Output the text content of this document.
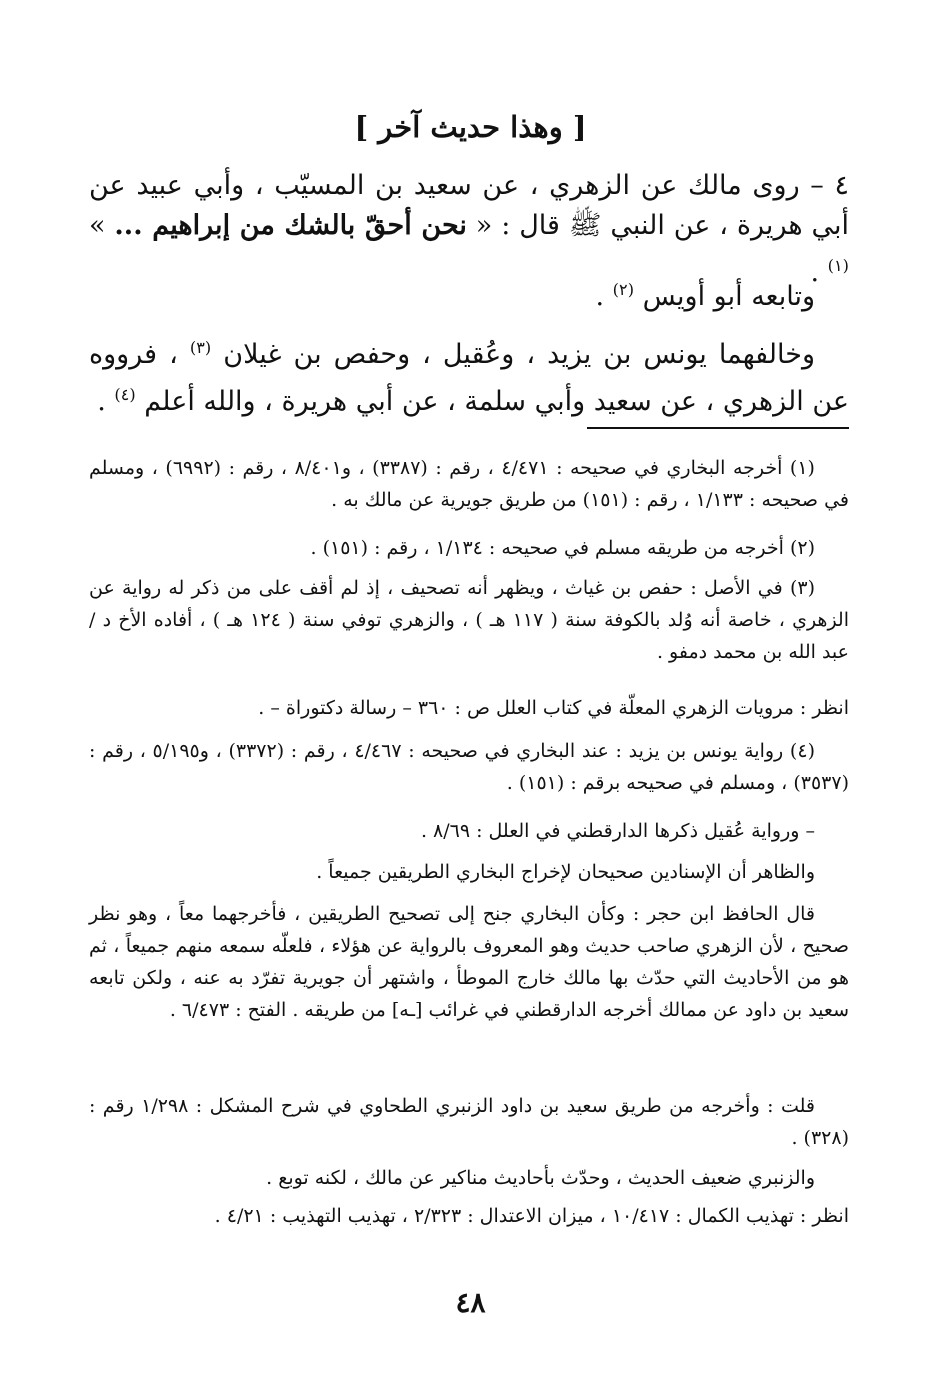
[ وهذا حديث آخر ]

٤ – روى مالك عن الزهري ، عن سعيد بن المسيّب ، وأبي عبيد عن أبي هريرة ، عن النبي ﷺ قال : « نحن أحقّ بالشك من إبراهيم ... » $^{(١)}$ .

وتابعه أبو أويس $^{(٢)}$ .

وخالفهما يونس بن يزيد ، وعُقيل ، وحفص بن غيلان $^{(٣)}$ ، فرووه عن الزهري ، عن سعيد وأبي سلمة ، عن أبي هريرة ، والله أعلم $^{(٤)}$ .

(١) أخرجه البخاري في صحيحه : ٤/٤٧١ ، رقم : (٣٣٨٧) ، و٨/٤٠١ ، رقم : (٦٩٩٢) ، ومسلم في صحيحه : ١/١٣٣ ، رقم : (١٥١) من طريق جويرية عن مالك به .

(٢) أخرجه من طريقه مسلم في صحيحه : ١/١٣٤ ، رقم : (١٥١) .

(٣) في الأصل : حفص بن غياث ، ويظهر أنه تصحيف ، إذ لم أقف على من ذكر له رواية عن الزهري ، خاصة أنه وُلد بالكوفة سنة ( ١١٧ هـ ) ، والزهري توفي سنة ( ١٢٤ هـ ) ، أفاده الأخ د / عبد الله بن محمد دمفو .

انظر : مرويات الزهري المعلّة في كتاب العلل ص : ٣٦٠ – رسالة دكتوراة – .

(٤) رواية يونس بن يزيد : عند البخاري في صحيحه : ٤/٤٦٧ ، رقم : (٣٣٧٢) ، و٥/١٩٥ ، رقم : (٣٥٣٧) ، ومسلم في صحيحه برقم : (١٥١) .

– ورواية عُقيل ذكرها الدارقطني في العلل : ٨/٦٩ .

والظاهر أن الإسنادين صحيحان لإخراج البخاري الطريقين جميعاً .

قال الحافظ ابن حجر : وكأن البخاري جنح إلى تصحيح الطريقين ، فأخرجهما معاً ، وهو نظر صحيح ، لأن الزهري صاحب حديث وهو المعروف بالرواية عن هؤلاء ، فلعلّه سمعه منهم جميعاً ، ثم هو من الأحاديث التي حدّث بها مالك خارج الموطأ ، واشتهر أن جويرية تفرّد به عنه ، ولكن تابعه سعيد بن داود عن ممالك أخرجه الدارقطني في غرائب [ـه] من طريقه . الفتح : ٦/٤٧٣ .

قلت : وأخرجه من طريق سعيد بن داود الزنبري الطحاوي في شرح المشكل : ١/٢٩٨ رقم : (٣٢٨) .

والزنبري ضعيف الحديث ، وحدّث بأحاديث مناكير عن مالك ، لكنه توبع .

انظر : تهذيب الكمال : ١٠/٤١٧ ، ميزان الاعتدال : ٢/٣٢٣ ، تهذيب التهذيب : ٤/٢١ .

٤٨
